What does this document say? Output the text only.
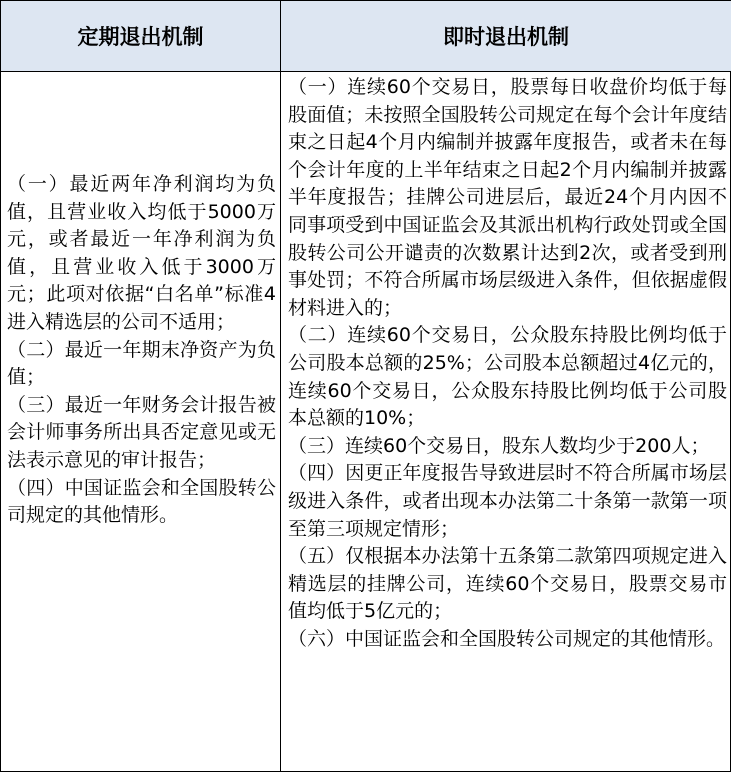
定期退出机制	即时退出机制

（一）最近两年净利润均为负值，且营业收入均低于5000万元，或者最近一年净利润为负值，且营业收入低于3000万元；此项对依据“白名单”标准4进入精选层的公司不适用；

（二）最近一年期末净资产为负值；

（三）最近一年财务会计报告被会计师事务所出具否定意见或无法表示意见的审计报告；

（四）中国证监会和全国股转公司规定的其他情形。

（一）连续60个交易日，股票每日收盘价均低于每股面值；未按照全国股转公司规定在每个会计年度结束之日起4个月内编制并披露年度报告，或者未在每个会计年度的上半年结束之日起2个月内编制并披露半年度报告；挂牌公司进层后，最近24个月内因不同事项受到中国证监会及其派出机构行政处罚或全国股转公司公开谴责的次数累计达到2次，或者受到刑事处罚；不符合所属市场层级进入条件，但依据虚假材料进入的；

（二）连续60个交易日，公众股东持股比例均低于公司股本总额的25%；公司股本总额超过4亿元的，连续60个交易日，公众股东持股比例均低于公司股本总额的10%；

（三）连续60个交易日，股东人数均少于200人；

（四）因更正年度报告导致进层时不符合所属市场层级进入条件，或者出现本办法第二十条第一款第一项至第三项规定情形；

（五）仅根据本办法第十五条第二款第四项规定进入精选层的挂牌公司，连续60个交易日，股票交易市值均低于5亿元的；

（六）中国证监会和全国股转公司规定的其他情形。
